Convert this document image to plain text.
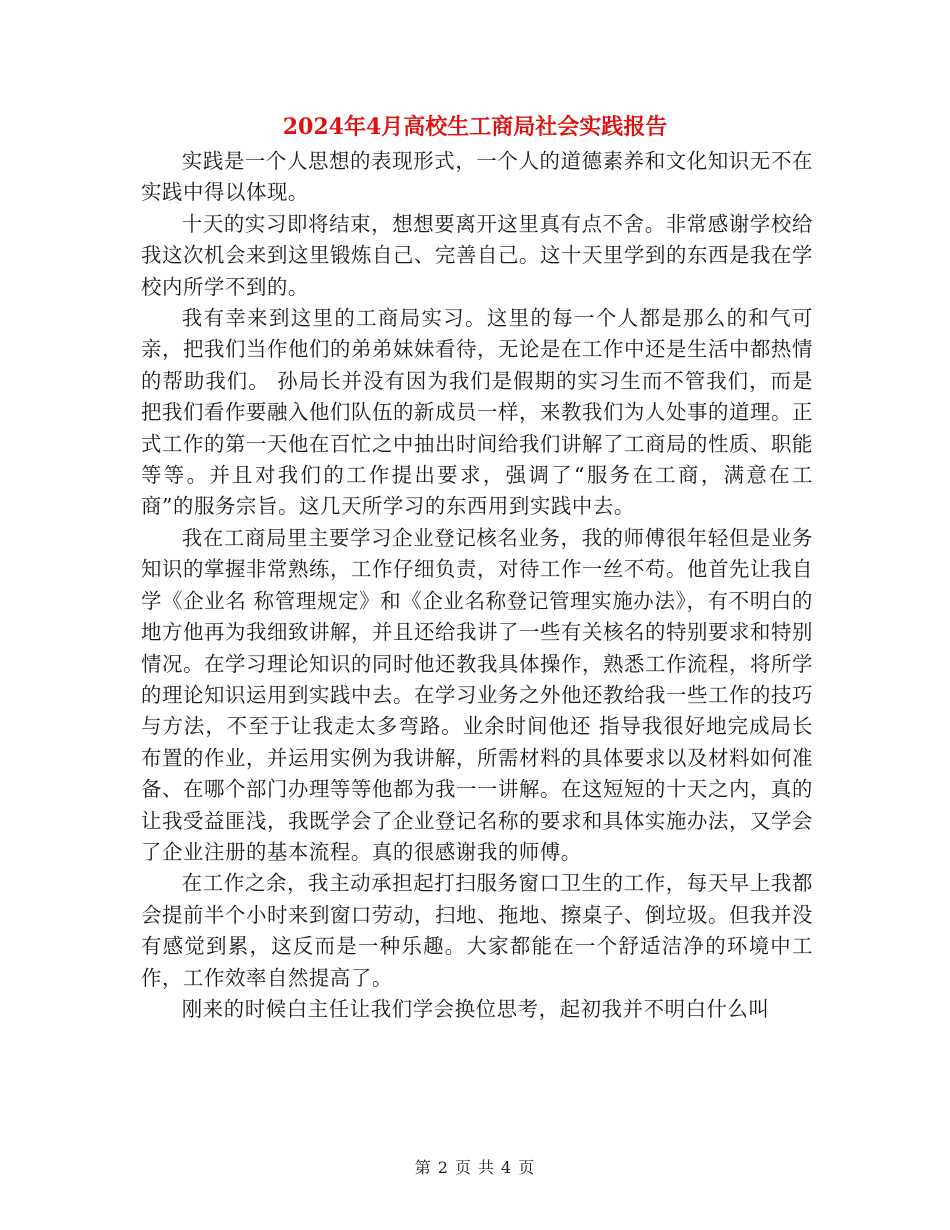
2024年4月高校生工商局社会实践报告

实践是一个人思想的表现形式，一个人的道德素养和文化知识无不在实践中得以体现。

十天的实习即将结束，想想要离开这里真有点不舍。非常感谢学校给我这次机会来到这里锻炼自己、完善自己。这十天里学到的东西是我在学校内所学不到的。

我有幸来到这里的工商局实习。这里的每一个人都是那么的和气可亲，把我们当作他们的弟弟妹妹看待，无论是在工作中还是生活中都热情的帮助我们。 孙局长并没有因为我们是假期的实习生而不管我们，而是把我们看作要融入他们队伍的新成员一样，来教我们为人处事的道理。正式工作的第一天他在百忙之中抽出时间给我们讲解了工商局的性质、职能等等。并且对我们的工作提出要求，强调了“服务在工商，满意在工商”的服务宗旨。这几天所学习的东西用到实践中去。

我在工商局里主要学习企业登记核名业务，我的师傅很年轻但是业务知识的掌握非常熟练，工作仔细负责，对待工作一丝不苟。他首先让我自学《企业名 称管理规定》和《企业名称登记管理实施办法》，有不明白的地方他再为我细致讲解，并且还给我讲了一些有关核名的特别要求和特别情况。在学习理论知识的同时他还教我具体操作，熟悉工作流程，将所学的理论知识运用到实践中去。在学习业务之外他还教给我一些工作的技巧与方法，不至于让我走太多弯路。业余时间他还 指导我很好地完成局长布置的作业，并运用实例为我讲解，所需材料的具体要求以及材料如何准备、在哪个部门办理等等他都为我一一讲解。在这短短的十天之内，真的让我受益匪浅，我既学会了企业登记名称的要求和具体实施办法，又学会了企业注册的基本流程。真的很感谢我的师傅。

在工作之余，我主动承担起打扫服务窗口卫生的工作，每天早上我都会提前半个小时来到窗口劳动，扫地、拖地、擦桌子、倒垃圾。但我并没有感觉到累，这反而是一种乐趣。大家都能在一个舒适洁净的环境中工作，工作效率自然提高了。

刚来的时候白主任让我们学会换位思考，起初我并不明白什么叫

第 2 页 共 4 页
